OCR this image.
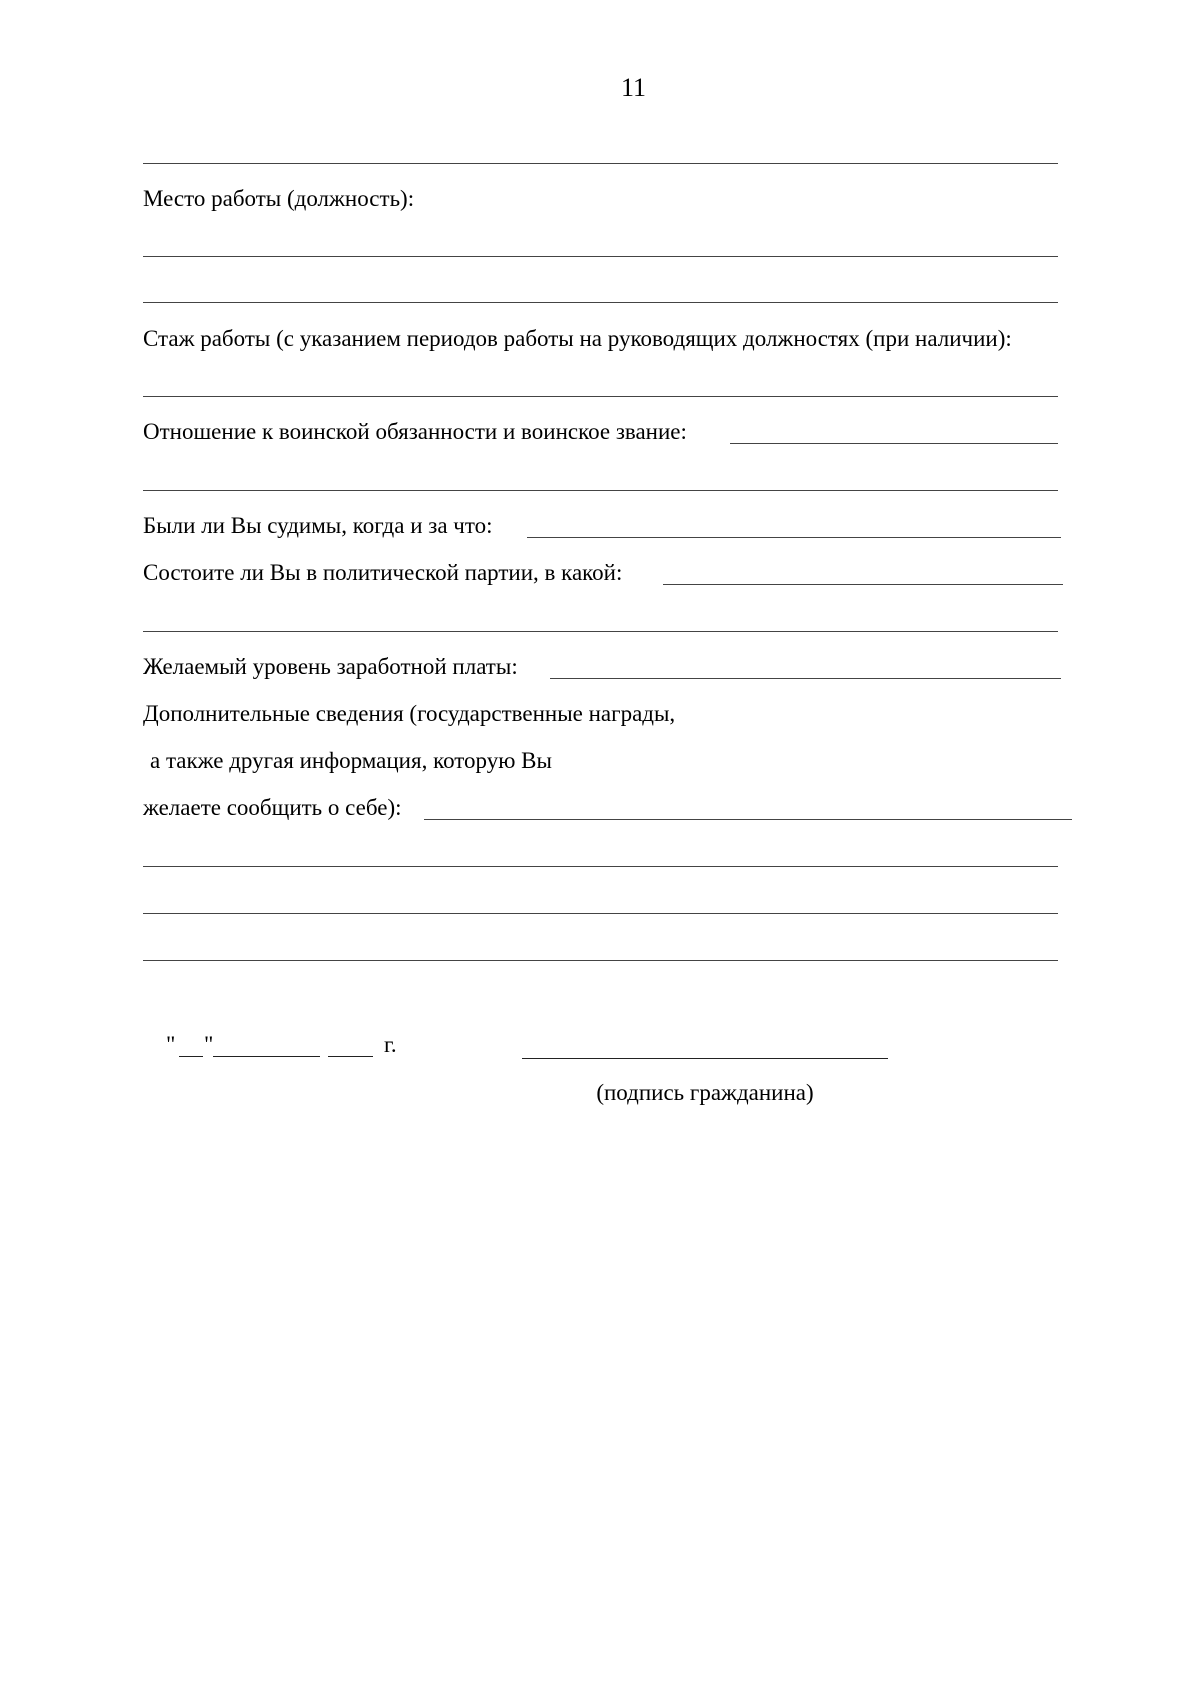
11
Место работы (должность):
Стаж работы (с указанием периодов работы на руководящих должностях (при наличии):
Отношение к воинской обязанности и воинское звание:
Были ли Вы судимы, когда и за что:
Состоите ли Вы в политической партии, в какой:
Желаемый уровень заработной платы:
Дополнительные сведения (государственные награды,
а также другая информация, которую Вы
желаете сообщить о себе):
" "	г.
(подпись гражданина)
